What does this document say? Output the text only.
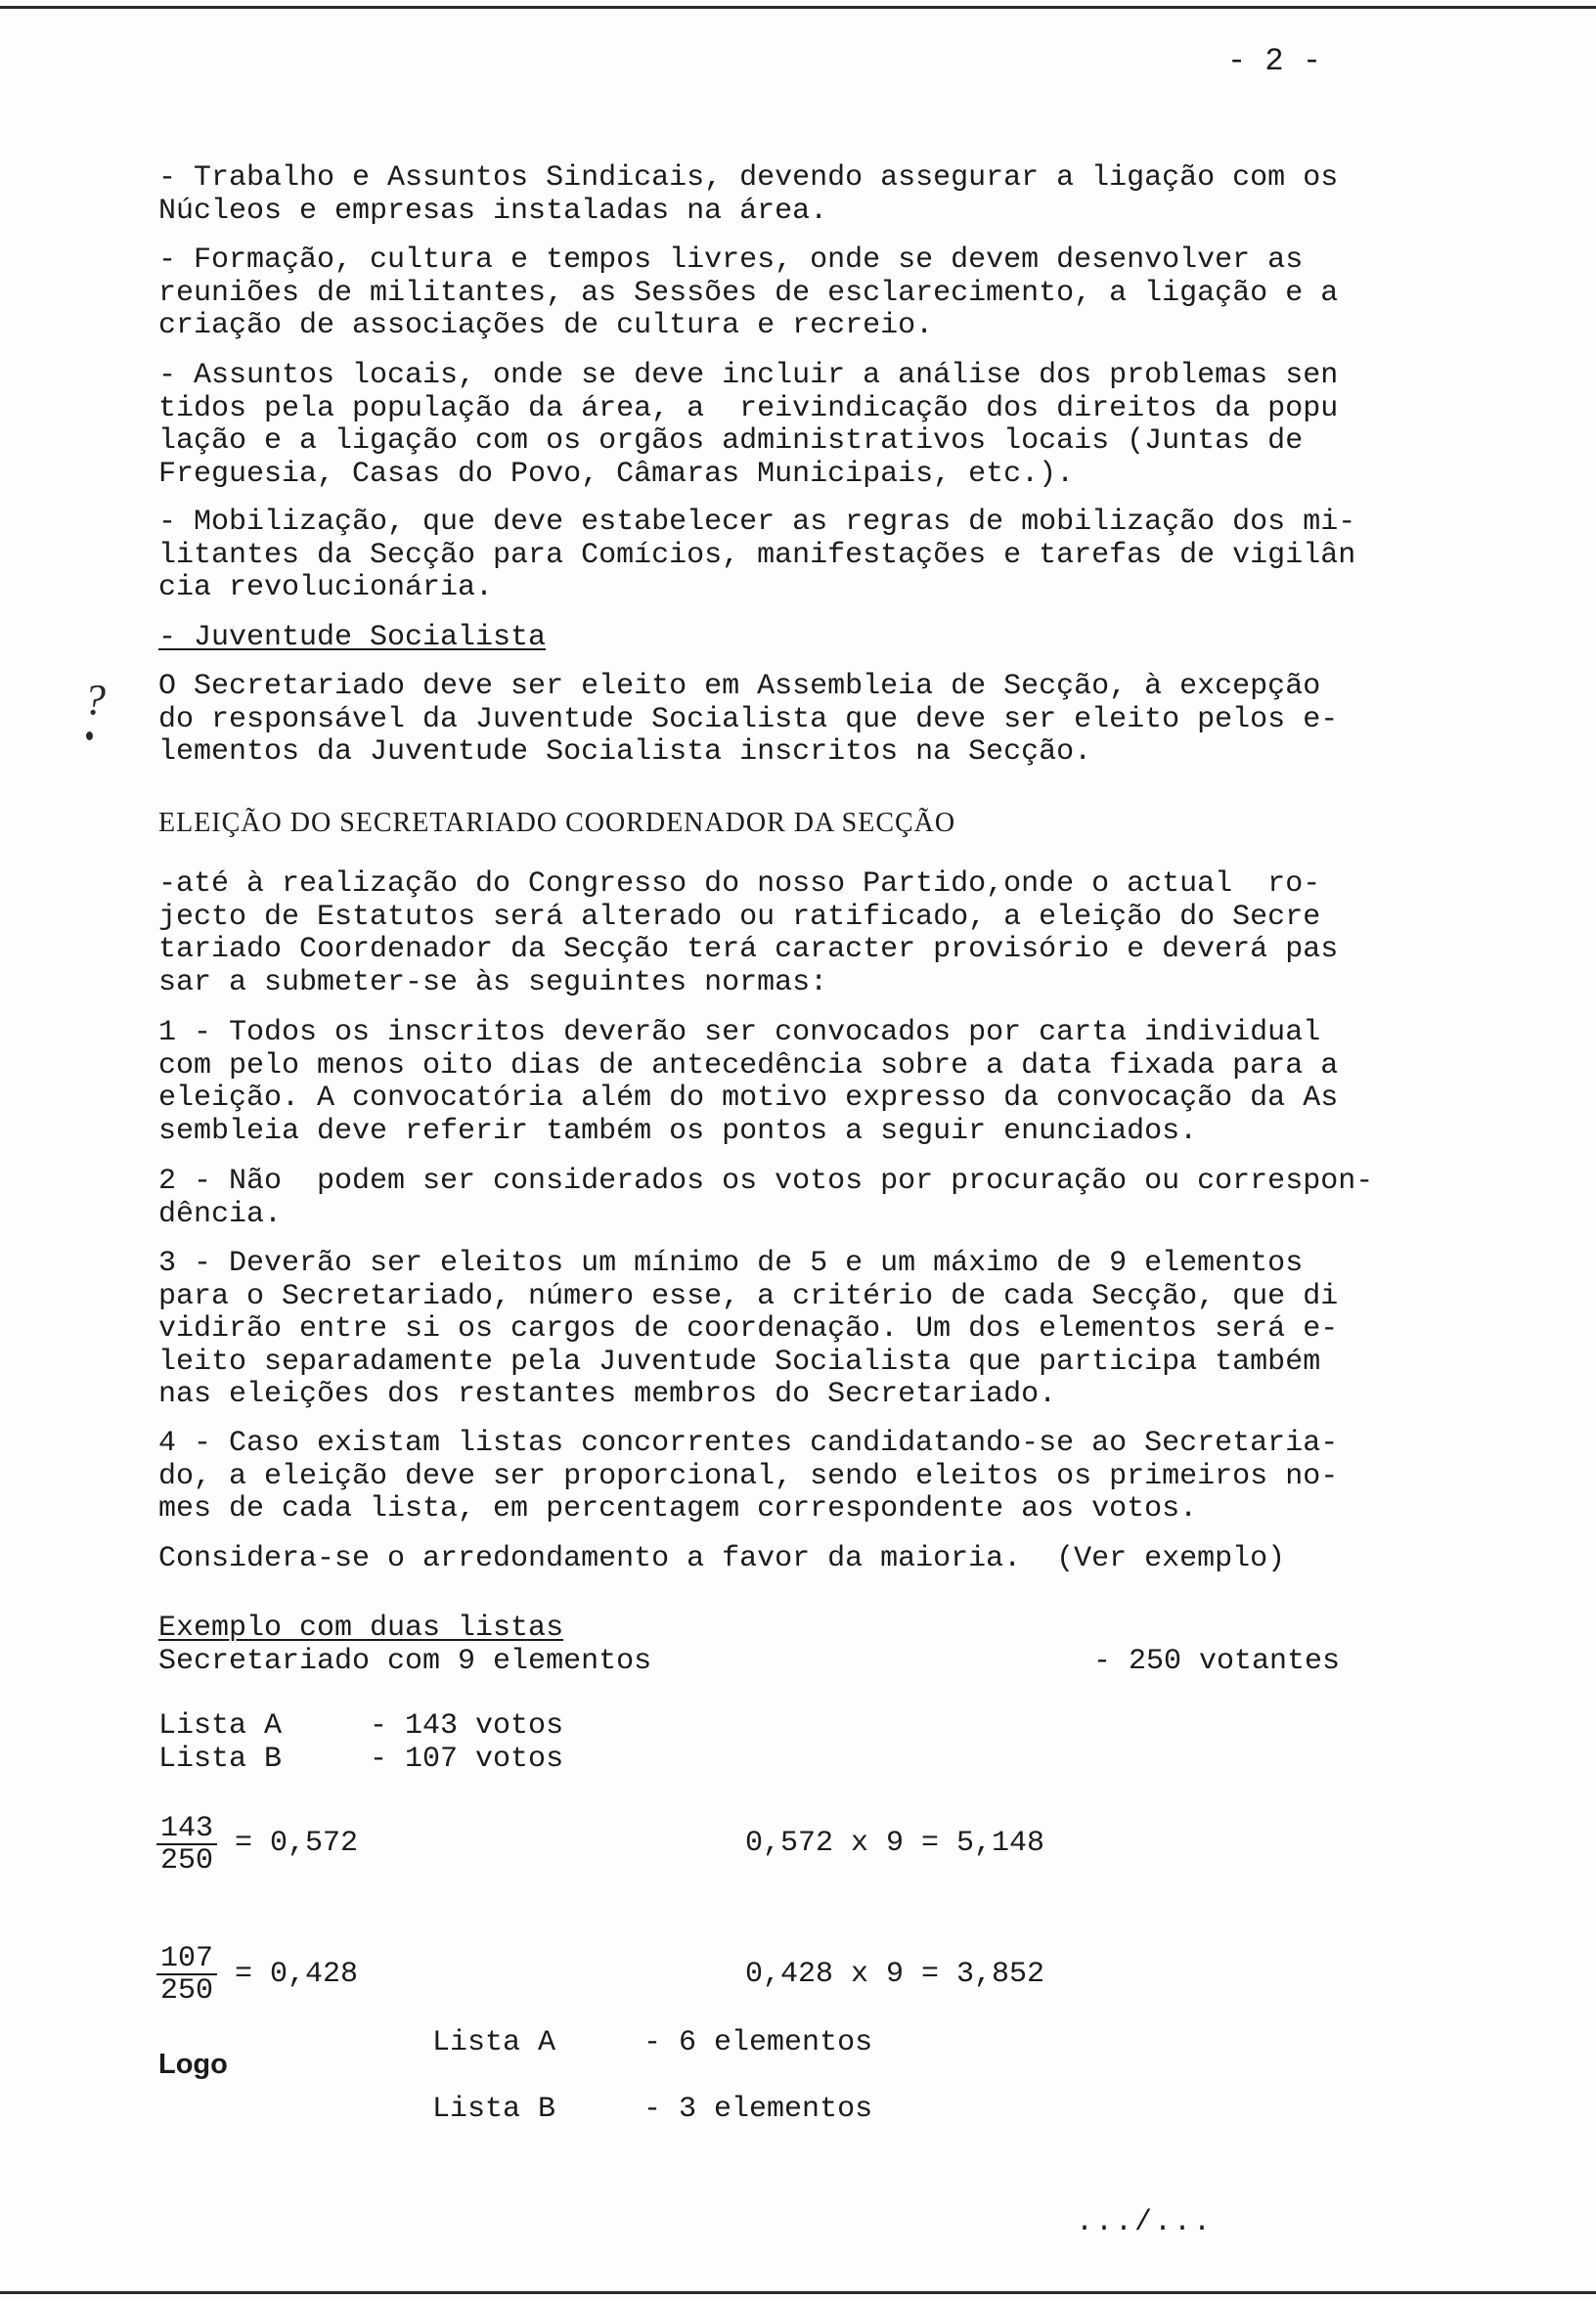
- 2 -
- Trabalho e Assuntos Sindicais, devendo assegurar a ligação com os
Núcleos e empresas instaladas na área.
- Formação, cultura e tempos livres, onde se devem desenvolver as
reuniões de militantes, as Sessões de esclarecimento, a ligação e a
criação de associações de cultura e recreio.
- Assuntos locais, onde se deve incluir a análise dos problemas sen
tidos pela população da área, a  reivindicação dos direitos da popu
lação e a ligação com os orgãos administrativos locais (Juntas de
Freguesia, Casas do Povo, Câmaras Municipais, etc.).
- Mobilização, que deve estabelecer as regras de mobilização dos mi-
litantes da Secção para Comícios, manifestações e tarefas de vigilân
cia revolucionária.
- Juventude Socialista
? O Secretariado deve ser eleito em Assembleia de Secção, à excepção
do responsável da Juventude Socialista que deve ser eleito pelos e-
lementos da Juventude Socialista inscritos na Secção.
ELEIÇÃO DO SECRETARIADO COORDENADOR DA SECÇÃO
-até à realização do Congresso do nosso Partido,onde o actual  ro-
jecto de Estatutos será alterado ou ratificado, a eleição do Secre
tariado Coordenador da Secção terá caracter provisório e deverá pas
sar a submeter-se às seguintes normas:
1 - Todos os inscritos deverão ser convocados por carta individual
com pelo menos oito dias de antecedência sobre a data fixada para a
eleição. A convocatória além do motivo expresso da convocação da As
sembleia deve referir também os pontos a seguir enunciados.
2 - Não  podem ser considerados os votos por procuração ou correspon-
dência.
3 - Deverão ser eleitos um mínimo de 5 e um máximo de 9 elementos
para o Secretariado, número esse, a critério de cada Secção, que di
vidirão entre si os cargos de coordenação. Um dos elementos será e-
leito separadamente pela Juventude Socialista que participa também
nas eleições dos restantes membros do Secretariado.
4 - Caso existam listas concorrentes candidatando-se ao Secretaria-
do, a eleição deve ser proporcional, sendo eleitos os primeiros no-
mes de cada lista, em percentagem correspondente aos votos.
Considera-se o arredondamento a favor da maioria.  (Ver exemplo)
Exemplo com duas listas
Secretariado com 9 elementos	- 250 votantes
Lista A     - 143 votos
Lista B     - 107 votos
$\frac{143}{250} = 0,572$	0,572 x 9 = 5,148
$\frac{107}{250} = 0,428$	0,428 x 9 = 3,852
Lista A     - 6 elementos
Logo
Lista B     - 3 elementos
.../...
